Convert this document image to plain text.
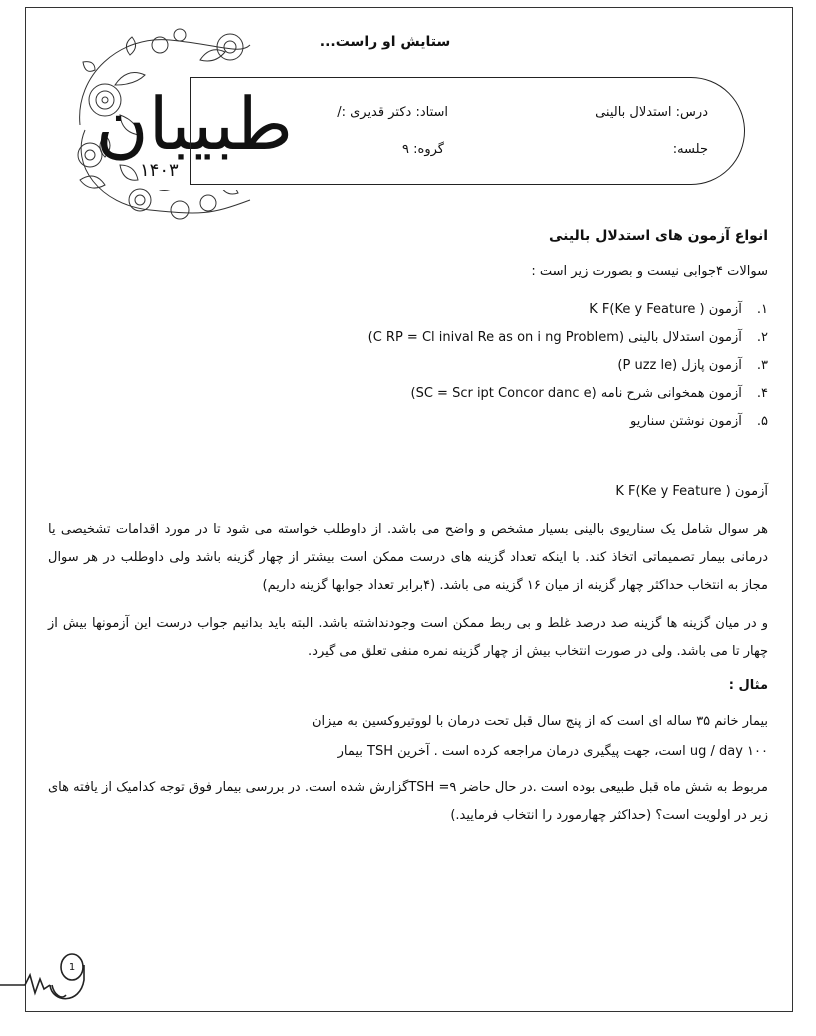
طبیبان
۱۴۰۳
ستایش او راست...
درس: استدلال بالینی
استاد: دکتر قدیری :/
جلسه:
گروه: ۹
انواع آزمون های استدلال بالینی
سوالات ۴جوابی نیست و بصورت زیر است :
۱. آزمون ( K F(Ke y Feature
۲. آزمون استدلال بالینی (C RP = Cl inival Re as on i ng Problem)
۳. آزمون پازل (P uzz le)
۴. آزمون همخوانی شرح نامه (SC = Scr ipt Concor danc e)
۵. آزمون نوشتن سناریو
آزمون ( K F(Ke y Feature
هر سوال شامل یک سناریوی بالینی بسیار مشخص و واضح می باشد. از داوطلب خواسته می شود تا در مورد اقدامات تشخیصی یا درمانی بیمار تصمیماتی اتخاذ کند. با اینکه تعداد گزینه های درست ممکن است بیشتر از چهار گزینه باشد ولی داوطلب در هر سوال مجاز به انتخاب حداکثر چهار گزینه از میان ۱۶ گزینه می باشد. (۴برابر تعداد جوابها گزینه داریم)
و در میان گزینه ها گزینه صد درصد غلط و بی ربط ممکن است وجودنداشته باشد. البته باید بدانیم جواب درست این آزمونها بیش از چهار تا می باشد. ولی در صورت انتخاب بیش از چهار گزینه نمره منفی تعلق می گیرد.
مثال :
بیمار خانم ۳۵ ساله ای است که از پنج سال قبل تحت درمان با لووتیروکسین به میزان
ug / day ۱۰۰ است، جهت پیگیری درمان مراجعه کرده است . آخرین TSH بیمار
مربوط به شش ماه قبل طبیعی بوده است .در حال حاضر ۹= TSHگزارش شده است. در بررسی بیمار فوق توجه کدامیک از یافته های زیر در اولویت است؟ (حداکثر چهارمورد را انتخاب فرمایید.)
1
